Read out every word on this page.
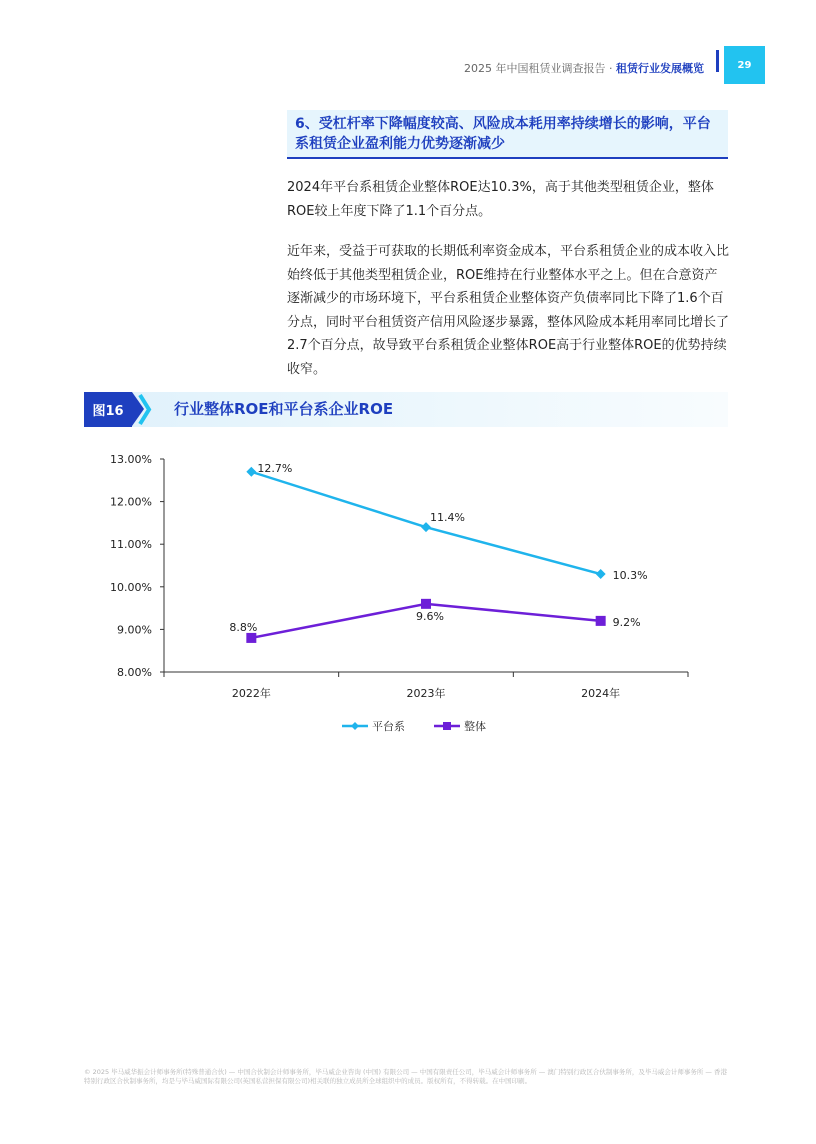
2025 年中国租赁业调查报告 · 租赁行业发展概览	29
6、受杠杆率下降幅度较高、风险成本耗用率持续增长的影响，平台系租赁企业盈利能力优势逐渐减少
2024年平台系租赁企业整体ROE达10.3%，高于其他类型租赁企业，整体ROE较上年度下降了1.1个百分点。
近年来，受益于可获取的长期低利率资金成本，平台系租赁企业的成本收入比始终低于其他类型租赁企业，ROE维持在行业整体水平之上。但在合意资产逐渐减少的市场环境下，平台系租赁企业整体资产负债率同比下降了1.6个百分点，同时平台租赁资产信用风险逐步暴露，整体风险成本耗用率同比增长了2.7个百分点，故导致平台系租赁企业整体ROE高于行业整体ROE的优势持续收窄。
图16	行业整体ROE和平台系企业ROE
13.00%
12.00%
11.00%
10.00%
9.00%
8.00%
2022年	2023年	2024年
12.7%
11.4%
10.3%
8.8%
9.6%	9.2%
平台系	整体
© 2025 毕马威华振会计师事务所(特殊普通合伙) — 中国合伙制会计师事务所，毕马威企业咨询 (中国) 有限公司 — 中国有限责任公司，毕马威会计师事务所 — 澳门特别行政区合伙制事务所，及毕马威会计师事务所 — 香港特别行政区合伙制事务所，均是与毕马威国际有限公司(英国私营担保有限公司)相关联的独立成员所全球组织中的成员。版权所有，不得转载。在中国印刷。
